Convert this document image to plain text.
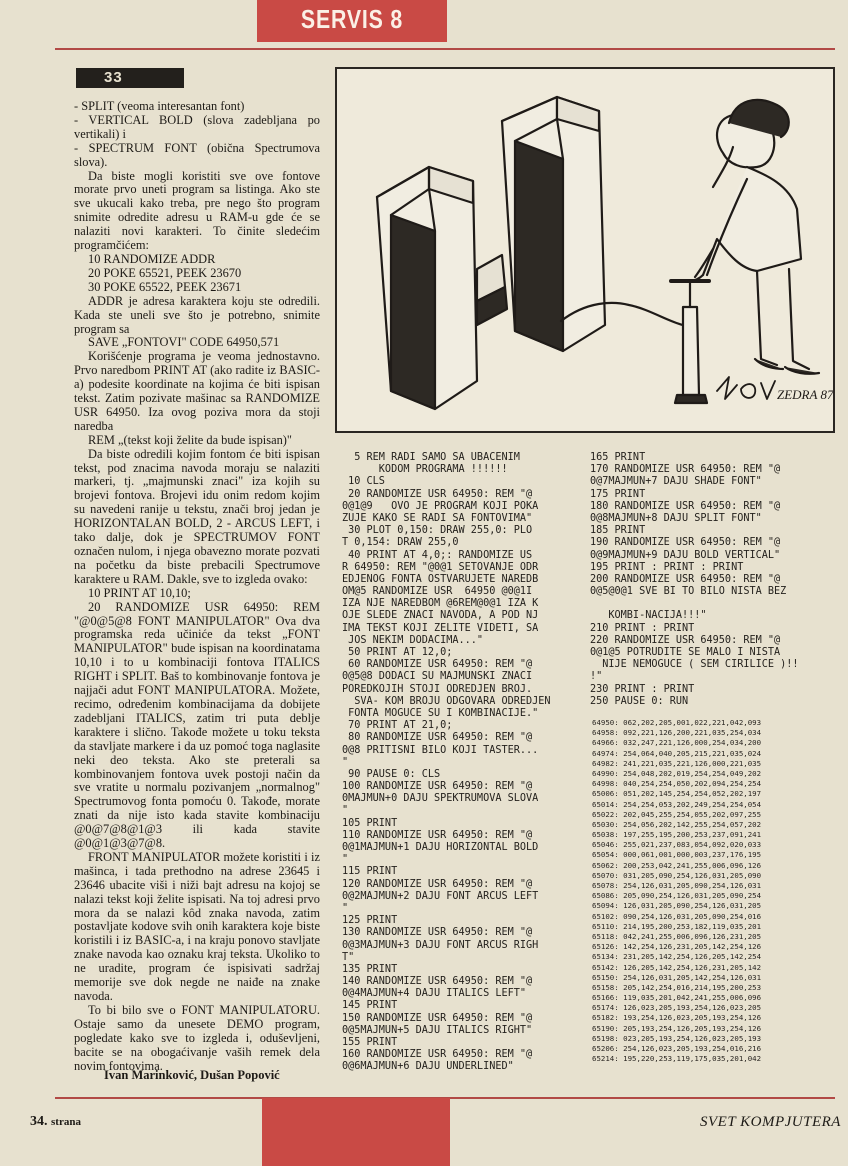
SERVIS 8
33

- SPLIT (veoma interesantan font)

- VERTICAL BOLD (slova zadebljana po vertikali) i

- SPECTRUM FONT (obična Spectrumova slova).

Da biste mogli koristiti sve ove fontove morate prvo uneti program sa listinga. Ako ste sve ukucali kako treba, pre nego što program snimite odredite adresu u RAM-u gde će se nalaziti novi karakteri. To činite sledećim programčićem:

10 RANDOMIZE ADDR

20 POKE 65521, PEEK 23670

30 POKE 65522, PEEK 23671

ADDR je adresa karaktera koju ste odredili. Kada ste uneli sve što je potrebno, snimite program sa

SAVE „FONTOVI" CODE 64950,571

Korišćenje programa je veoma jednostavno. Prvo naredbom PRINT AT (ako radite iz BASIC-a) podesite koordinate na kojima će biti ispisan tekst. Zatim pozivate mašinac sa RANDOMIZE USR 64950. Iza ovog poziva mora da stoji naredba

REM „(tekst koji želite da bude ispisan)"

Da biste odredili kojim fontom će biti ispisan tekst, pod znacima navoda moraju se nalaziti markeri, tj. „majmunski znaci" iza kojih su brojevi fontova. Brojevi idu onim redom kojim su navedeni ranije u tekstu, znači broj jedan je HORIZONTALAN BOLD, 2 - ARCUS LEFT, i tako dalje, dok je SPECTRUMOV FONT označen nulom, i njega obavezno morate pozvati na početku da biste prebacili Spectrumove karaktere u RAM. Dakle, sve to izgleda ovako:

10 PRINT AT 10,10;

20 RANDOMIZE USR 64950: REM "@0@5@8 FONT MANIPULATOR" Ova dva programska reda učiniće da tekst „FONT MANIPULATOR" bude ispisan na koordinatama 10,10 i to u kombinaciji fontova ITALICS RIGHT i SPLIT. Baš to kombinovanje fontova je najjači adut FONT MANIPULATORA. Možete, recimo, određenim kombinacijama da dobijete zadebljani ITALICS, zatim tri puta deblje karaktere i slično. Takođe možete u toku teksta da stavljate markere i da uz pomoć toga naglasite neki deo teksta. Ako ste preterali sa kombinovanjem fontova uvek postoji način da sve vratite u normalu pozivanjem „normalnog" Spectrumovog fonta pomoću 0. Takođe, morate znati da nije isto kada stavite kombinaciju @0@7@8@1@3 ili kada stavite @0@1@3@7@8.

FRONT MANIPULATOR možete koristiti i iz mašinca, i tada prethodno na adrese 23645 i 23646 ubacite viši i niži bajt adresu na kojoj se nalazi tekst koji želite ispisati. Na toj adresi prvo mora da se nalazi kôd znaka navoda, zatim postavljate kodove svih onih karaktera koje biste koristili i iz BASIC-a, i na kraju ponovo stavljate znake navoda kao oznaku kraj teksta. Ukoliko to ne uradite, program će ispisivati sadržaj memorije sve dok negde ne naiđe na znake navoda.

To bi bilo sve o FONT MANIPULATORU. Ostaje samo da unesete DEMO program, pogledate kako sve to izgleda i, oduševljeni, bacite se na obogaćivanje vaših remek dela novim fontovima.

Ivan Marinković, Dušan Popović
ZEDRA 87
5 REM RADI SAMO SA UBACENIM
KODOM PROGRAMA !!!!!!
10 CLS
20 RANDOMIZE USR 64950: REM "@
0@1@9   OVO JE PROGRAM KOJI POKA
ZUJE KAKO SE RADI SA FONTOVIMA"
30 PLOT 0,150: DRAW 255,0: PLO
T 0,154: DRAW 255,0
40 PRINT AT 4,0;: RANDOMIZE US
R 64950: REM "@0@1 SETOVANJE ODR
EDJENOG FONTA OSTVARUJETE NAREDB
OM@5 RANDOMIZE USR  64950 @0@1I
IZA NJE NAREDBOM @6REM@0@1 IZA K
OJE SLEDE ZNACI NAVODA, A POD NJ
IMA TEKST KOJI ZELITE VIDETI, SA
JOS NEKIM DODACIMA..."
50 PRINT AT 12,0;
60 RANDOMIZE USR 64950: REM "@
0@5@8 DODACI SU MAJMUNSKI ZNACI
POREDKOJIH STOJI ODREDJEN BROJ.
SVA- KOM BROJU ODGOVARA ODREDJEN
FONTA MOGUCE SU I KOMBINACIJE."
70 PRINT AT 21,0;
80 RANDOMIZE USR 64950: REM "@
0@8 PRITISNI BILO KOJI TASTER...
"
90 PAUSE 0: CLS
100 RANDOMIZE USR 64950: REM "@
0MAJMUN+0 DAJU SPEKTRUMOVA SLOVA
"
105 PRINT
110 RANDOMIZE USR 64950: REM "@
0@1MAJMUN+1 DAJU HORIZONTAL BOLD
"
115 PRINT
120 RANDOMIZE USR 64950: REM "@
0@2MAJMUN+2 DAJU FONT ARCUS LEFT
"
125 PRINT
130 RANDOMIZE USR 64950: REM "@
0@3MAJMUN+3 DAJU FONT ARCUS RIGH
T"
135 PRINT
140 RANDOMIZE USR 64950: REM "@
0@4MAJMUN+4 DAJU ITALICS LEFT"
145 PRINT
150 RANDOMIZE USR 64950: REM "@
0@5MAJMUN+5 DAJU ITALICS RIGHT"
155 PRINT
160 RANDOMIZE USR 64950: REM "@
0@6MAJMUN+6 DAJU UNDERLINED"
165 PRINT
170 RANDOMIZE USR 64950: REM "@
0@7MAJMUN+7 DAJU SHADE FONT"
175 PRINT
180 RANDOMIZE USR 64950: REM "@
0@8MAJMUN+8 DAJU SPLIT FONT"
185 PRINT
190 RANDOMIZE USR 64950: REM "@
0@9MAJMUN+9 DAJU BOLD VERTICAL"
195 PRINT : PRINT : PRINT
200 RANDOMIZE USR 64950: REM "@
0@5@0@1 SVE BI TO BILO NISTA BEZ
KOMBI-NACIJA!!!"
210 PRINT : PRINT
220 RANDOMIZE USR 64950: REM "@
0@1@5 POTRUDITE SE MALO I NISTA
NIJE NEMOGUCE ( SEM CIRILICE )!!
!"
230 PRINT : PRINT
250 PAUSE 0: RUN
64950: 062,202,205,001,022,221,042,093
64958: 092,221,126,200,221,035,254,034
64966: 032,247,221,126,000,254,034,200
64974: 254,064,040,205,215,221,035,024
64982: 241,221,035,221,126,000,221,035
64990: 254,048,202,019,254,254,049,202
64998: 040,254,254,050,202,094,254,254
65006: 051,202,145,254,254,052,202,197
65014: 254,254,053,202,249,254,254,054
65022: 202,045,255,254,055,202,097,255
65030: 254,056,202,142,255,254,057,202
65038: 197,255,195,200,253,237,091,241
65046: 255,021,237,083,054,092,020,033
65054: 000,061,001,000,003,237,176,195
65062: 200,253,042,241,255,006,096,126
65070: 031,205,090,254,126,031,205,090
65078: 254,126,031,205,090,254,126,031
65086: 205,090,254,126,031,205,090,254
65094: 126,031,205,090,254,126,031,205
65102: 090,254,126,031,205,090,254,016
65110: 214,195,200,253,182,119,035,201
65118: 042,241,255,006,096,126,231,205
65126: 142,254,126,231,205,142,254,126
65134: 231,205,142,254,126,205,142,254
65142: 126,205,142,254,126,231,205,142
65150: 254,126,031,205,142,254,126,031
65158: 205,142,254,016,214,195,200,253
65166: 119,035,201,042,241,255,006,096
65174: 126,023,205,193,254,126,023,205
65182: 193,254,126,023,205,193,254,126
65190: 205,193,254,126,205,193,254,126
65198: 023,205,193,254,126,023,205,193
65206: 254,126,023,205,193,254,016,216
65214: 195,220,253,119,175,035,201,042
34. strana	SVET KOMPJUTERA
